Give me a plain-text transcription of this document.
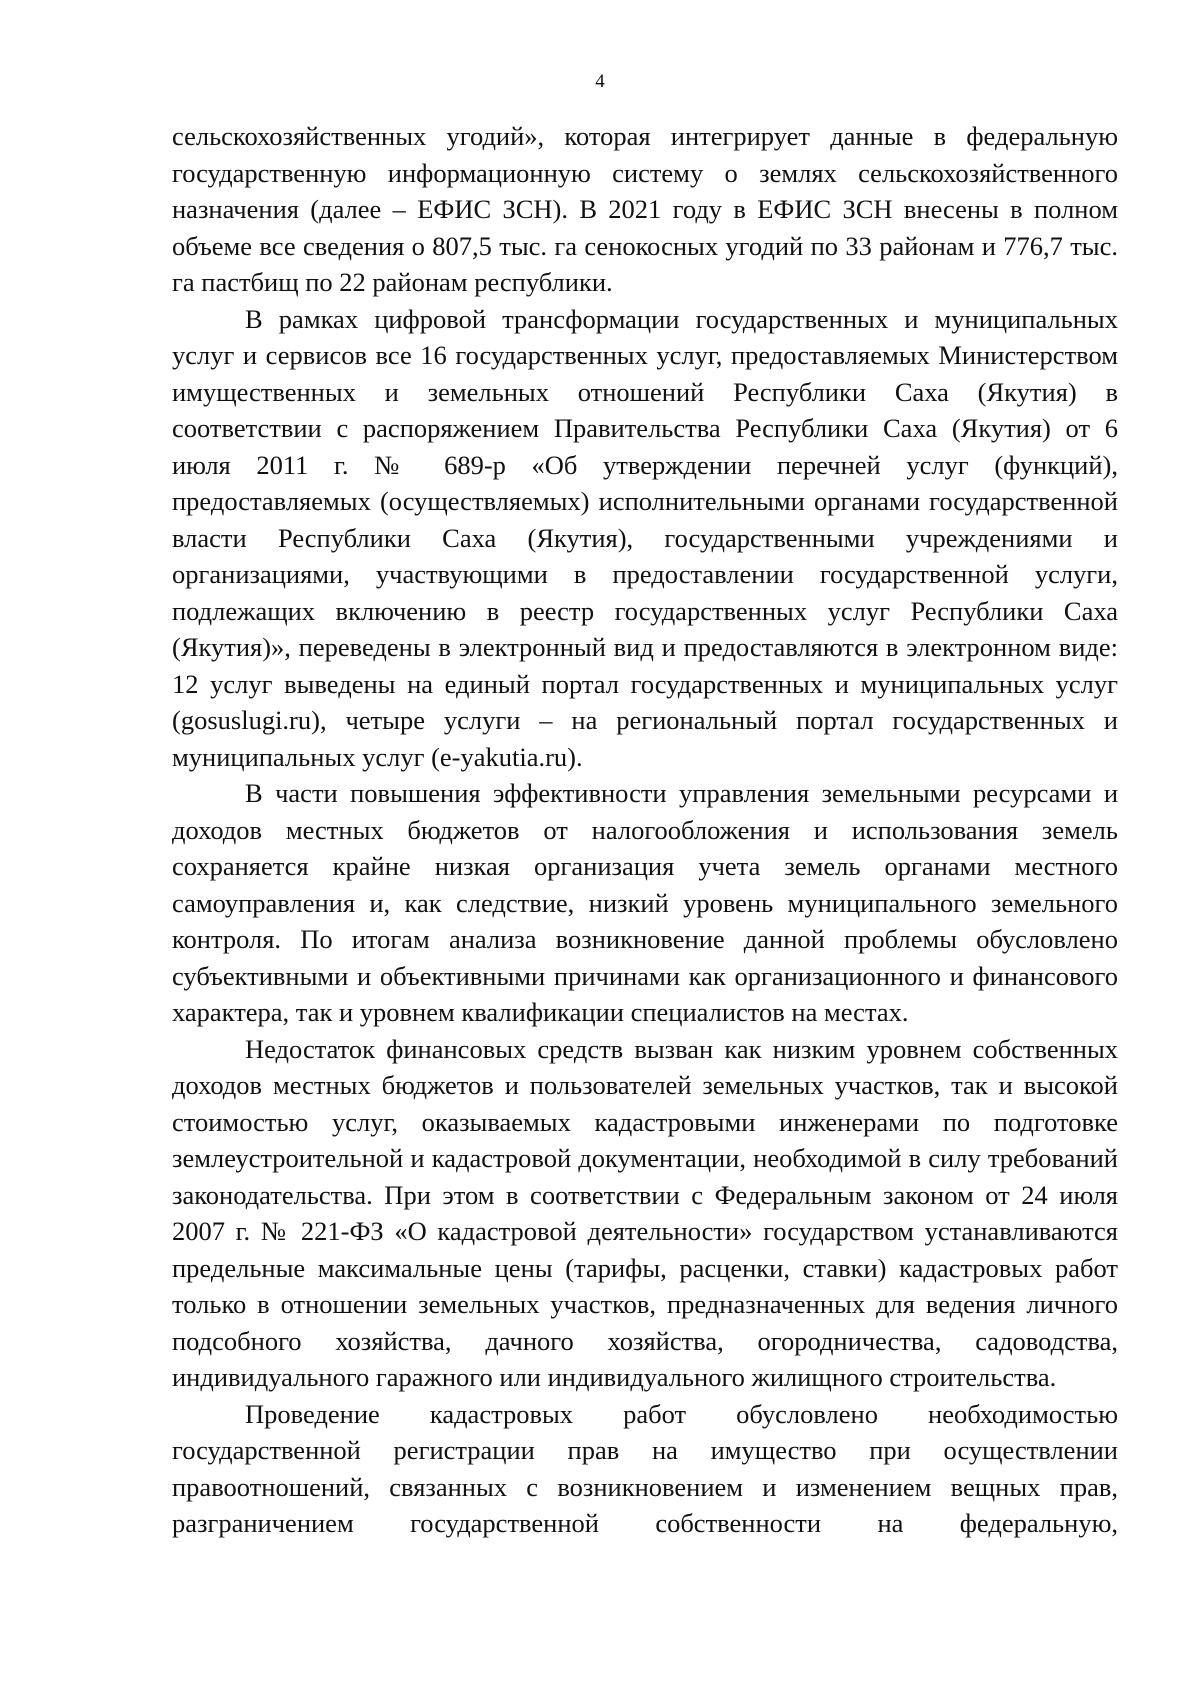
4

сельскохозяйственных угодий», которая интегрирует данные в федеральную государственную информационную систему о землях сельскохозяйственного назначения (далее – ЕФИС ЗСН). В 2021 году в ЕФИС ЗСН внесены в полном объеме все сведения о 807,5 тыс. га сенокосных угодий по 33 районам и 776,7 тыс. га пастбищ по 22 районам республики.

В рамках цифровой трансформации государственных и муниципальных услуг и сервисов все 16 государственных услуг, предоставляемых Министерством имущественных и земельных отношений Республики Саха (Якутия) в соответствии с распоряжением Правительства Республики Саха (Якутия) от 6 июля 2011 г. № 689-р «Об утверждении перечней услуг (функций), предоставляемых (осуществляемых) исполнительными органами государственной власти Республики Саха (Якутия), государственными учреждениями и организациями, участвующими в предоставлении государственной услуги, подлежащих включению в реестр государственных услуг Республики Саха (Якутия)», переведены в электронный вид и предоставляются в электронном виде: 12 услуг выведены на единый портал государственных и муниципальных услуг (gosuslugi.ru), четыре услуги – на региональный портал государственных и муниципальных услуг (e-yakutia.ru).

В части повышения эффективности управления земельными ресурсами и доходов местных бюджетов от налогообложения и использования земель сохраняется крайне низкая организация учета земель органами местного самоуправления и, как следствие, низкий уровень муниципального земельного контроля. По итогам анализа возникновение данной проблемы обусловлено субъективными и объективными причинами как организационного и финансового характера, так и уровнем квалификации специалистов на местах.

Недостаток финансовых средств вызван как низким уровнем собственных доходов местных бюджетов и пользователей земельных участков, так и высокой стоимостью услуг, оказываемых кадастровыми инженерами по подготовке землеустроительной и кадастровой документации, необходимой в силу требований законодательства. При этом в соответствии с Федеральным законом от 24 июля 2007 г. № 221-ФЗ «О кадастровой деятельности» государством устанавливаются предельные максимальные цены (тарифы, расценки, ставки) кадастровых работ только в отношении земельных участков, предназначенных для ведения личного подсобного хозяйства, дачного хозяйства, огородничества, садоводства, индивидуального гаражного или индивидуального жилищного строительства.

Проведение кадастровых работ обусловлено необходимостью государственной регистрации прав на имущество при осуществлении правоотношений, связанных с возникновением и изменением вещных прав, разграничением государственной собственности на федеральную,
